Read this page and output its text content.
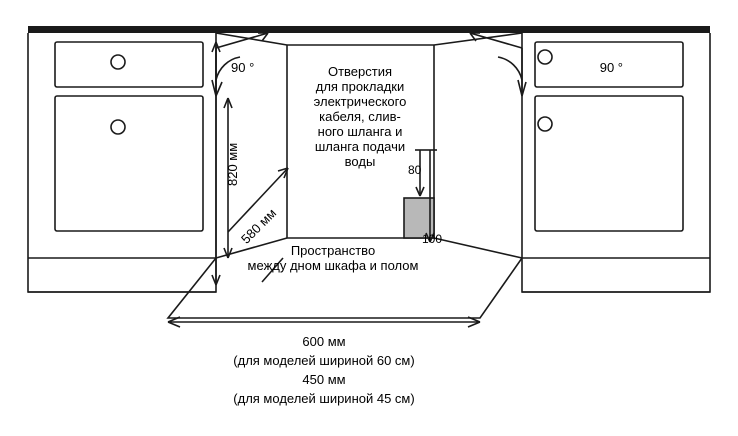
90 °	90 °
820 мм
580 мм
Отверстия
для прокладки
электрического
кабеля, слив-
ного шланга и
шланга подачи
воды
80
100
Пространство
между дном шкафа и полом
600 мм
(для моделей шириной 60 см)
450 мм
(для моделей шириной 45 см)
